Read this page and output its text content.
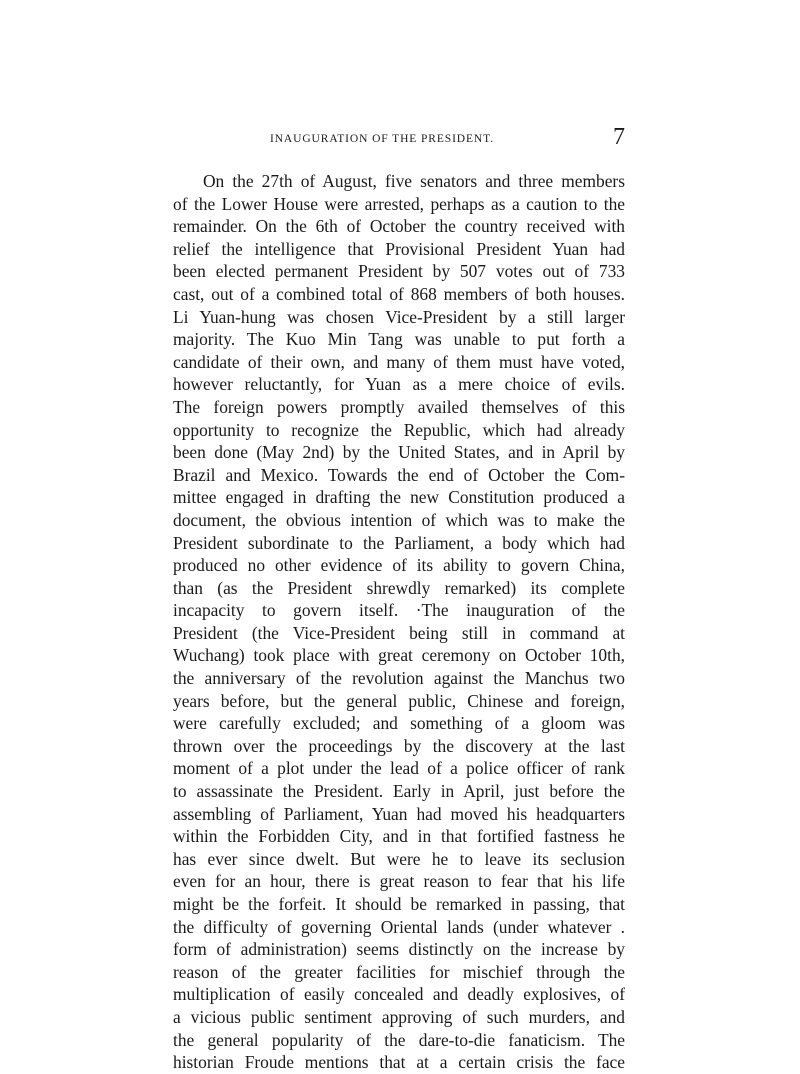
INAUGURATION OF THE PRESIDENT.	7
On the 27th of August, five senators and three members
of the Lower House were arrested, perhaps as a caution to the
remainder. On the 6th of October the country received with
relief the intelligence that Provisional President Yuan had
been elected permanent President by 507 votes out of 733
cast, out of a combined total of 868 members of both houses.
Li Yuan-hung was chosen Vice-President by a still larger
majority. The Kuo Min Tang was unable to put forth a
candidate of their own, and many of them must have voted,
however reluctantly, for Yuan as a mere choice of evils.
The foreign powers promptly availed themselves of this
opportunity to recognize the Republic, which had already
been done (May 2nd) by the United States, and in April by
Brazil and Mexico. Towards the end of October the Com-
mittee engaged in drafting the new Constitution produced a
document, the obvious intention of which was to make the
President subordinate to the Parliament, a body which had
produced no other evidence of its ability to govern China,
than (as the President shrewdly remarked) its complete
incapacity to govern itself. ·The inauguration of the
President (the Vice-President being still in command at
Wuchang) took place with great ceremony on October 10th,
the anniversary of the revolution against the Manchus two
years before, but the general public, Chinese and foreign,
were carefully excluded; and something of a gloom was
thrown over the proceedings by the discovery at the last
moment of a plot under the lead of a police officer of rank
to assassinate the President. Early in April, just before the
assembling of Parliament, Yuan had moved his headquarters
within the Forbidden City, and in that fortified fastness he
has ever since dwelt. But were he to leave its seclusion
even for an hour, there is great reason to fear that his life
might be the forfeit. It should be remarked in passing, that
the difficulty of governing Oriental lands (under whatever .
form of administration) seems distinctly on the increase by
reason of the greater facilities for mischief through the
multiplication of easily concealed and deadly explosives, of
a vicious public sentiment approving of such murders, and
the general popularity of the dare-to-die fanaticism. The
historian Froude mentions that at a certain crisis the face
